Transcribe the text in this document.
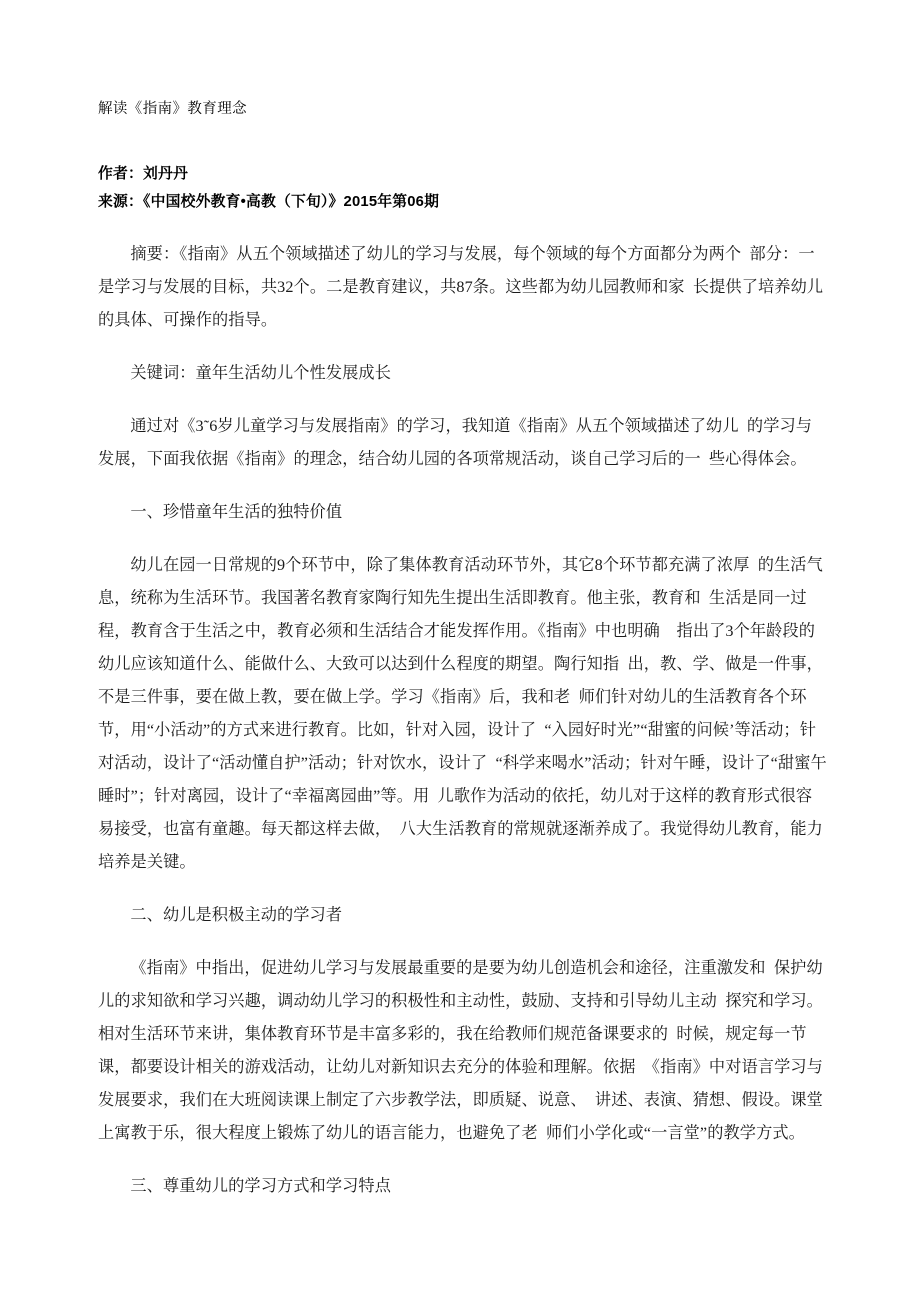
解读《指南》教育理念

作者：刘丹丹

来源：《中国校外教育•高教（下旬）》2015年第06期

摘要：《指南》从五个领域描述了幼儿的学习与发展，每个领域的每个方面都分为两个  部分：一是学习与发展的目标，共32个。二是教育建议，共87条。这些都为幼儿园教师和家  长提供了培养幼儿的具体、可操作的指导。

关键词：童年生活幼儿个性发展成长

通过对《3˜6岁儿童学习与发展指南》的学习，我知道《指南》从五个领域描述了幼儿  的学习与发展，下面我依据《指南》的理念，结合幼儿园的各项常规活动，谈自己学习后的一  些心得体会。

一、珍惜童年生活的独特价值

幼儿在园一日常规的9个环节中，除了集体教育活动环节外，其它8个环节都充满了浓厚  的生活气息，统称为生活环节。我国著名教育家陶行知先生提出生活即教育。他主张，教育和  生活是同一过程，教育含于生活之中，教育必须和生活结合才能发挥作用。《指南》中也明确    指出了3个年龄段的幼儿应该知道什么、能做什么、大致可以达到什么程度的期望。陶行知指  出，教、学、做是一件事，不是三件事，要在做上教，要在做上学。学习《指南》后，我和老  师们针对幼儿的生活教育各个环节，用“小活动”的方式来进行教育。比如，针对入园，设计了  “入园好时光”“甜蜜的问候’等活动；针对活动，设计了“活动懂自护”活动；针对饮水，设计了  “科学来喝水”活动；针对午睡，设计了“甜蜜午睡时”；针对离园，设计了“幸福离园曲”等。用  儿歌作为活动的依托，幼儿对于这样的教育形式很容易接受，也富有童趣。每天都这样去做，  八大生活教育的常规就逐渐养成了。我觉得幼儿教育，能力培养是关键。

二、幼儿是积极主动的学习者

《指南》中指出，促进幼儿学习与发展最重要的是要为幼儿创造机会和途径，注重激发和  保护幼儿的求知欲和学习兴趣，调动幼儿学习的积极性和主动性，鼓励、支持和引导幼儿主动  探究和学习。相对生活环节来讲，集体教育环节是丰富多彩的，我在给教师们规范备课要求的  时候，规定每一节课，都要设计相关的游戏活动，让幼儿对新知识去充分的体验和理解。依据  《指南》中对语言学习与发展要求，我们在大班阅读课上制定了六步教学法，即质疑、说意、  讲述、表演、猜想、假设。课堂上寓教于乐，很大程度上锻炼了幼儿的语言能力，也避免了老  师们小学化或“一言堂”的教学方式。

三、尊重幼儿的学习方式和学习特点
